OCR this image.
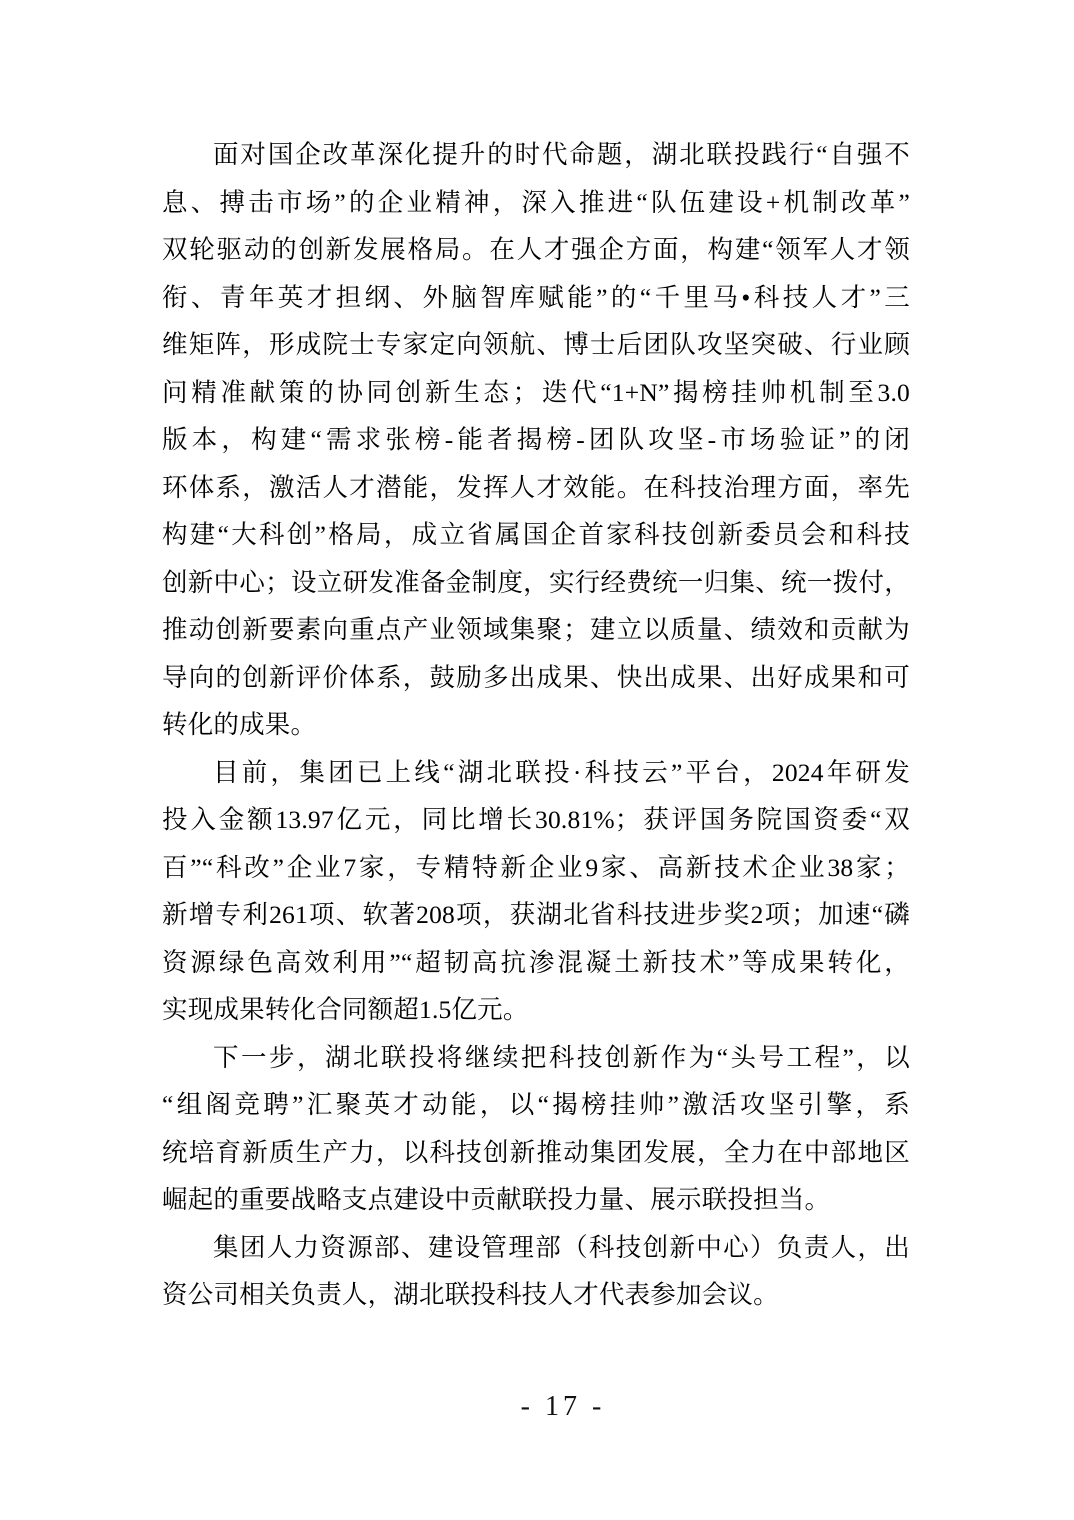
面对国企改革深化提升的时代命题，湖北联投践行“自强不
息、搏击市场”的企业精神，深入推进“队伍建设+机制改革”
双轮驱动的创新发展格局。在人才强企方面，构建“领军人才领
衔、青年英才担纲、外脑智库赋能”的“千里马•科技人才”三
维矩阵，形成院士专家定向领航、博士后团队攻坚突破、行业顾
问精准献策的协同创新生态；迭代“1+N”揭榜挂帅机制至3.0
版本，构建“需求张榜-能者揭榜-团队攻坚-市场验证”的闭
环体系，激活人才潜能，发挥人才效能。在科技治理方面，率先
构建“大科创”格局，成立省属国企首家科技创新委员会和科技
创新中心；设立研发准备金制度，实行经费统一归集、统一拨付，
推动创新要素向重点产业领域集聚；建立以质量、绩效和贡献为
导向的创新评价体系，鼓励多出成果、快出成果、出好成果和可
转化的成果。
目前，集团已上线“湖北联投·科技云”平台，2024年研发
投入金额13.97亿元，同比增长30.81%；获评国务院国资委“双
百”“科改”企业7家，专精特新企业9家、高新技术企业38家；
新增专利261项、软著208项，获湖北省科技进步奖2项；加速“磷
资源绿色高效利用”“超韧高抗渗混凝土新技术”等成果转化，
实现成果转化合同额超1.5亿元。
下一步，湖北联投将继续把科技创新作为“头号工程”，以
“组阁竞聘”汇聚英才动能，以“揭榜挂帅”激活攻坚引擎，系
统培育新质生产力，以科技创新推动集团发展，全力在中部地区
崛起的重要战略支点建设中贡献联投力量、展示联投担当。
集团人力资源部、建设管理部（科技创新中心）负责人，出
资公司相关负责人，湖北联投科技人才代表参加会议。
- 17 -
